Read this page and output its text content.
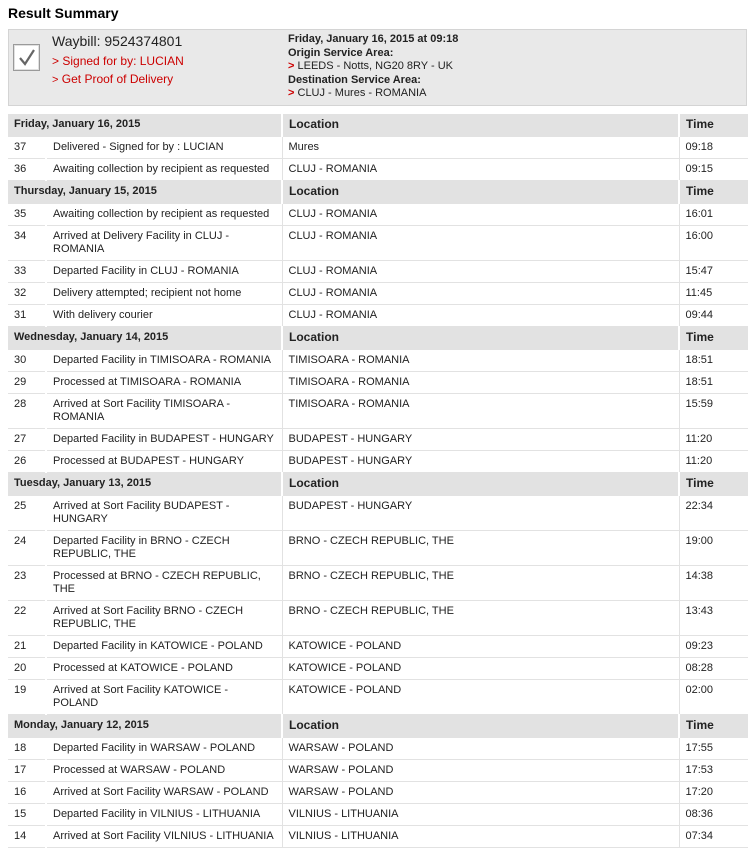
Result Summary
Waybill: 9524374801
> Signed for by: LUCIAN
> Get Proof of Delivery
Friday, January 16, 2015 at 09:18
Origin Service Area:
> LEEDS - Notts, NG20 8RY - UK
Destination Service Area:
> CLUJ - Mures - ROMANIA
Friday, January 16, 2015		Location	Time
37	Delivered - Signed for by : LUCIAN	Mures	09:18
36	Awaiting collection by recipient as requested	CLUJ - ROMANIA	09:15
Thursday, January 15, 2015		Location	Time
35	Awaiting collection by recipient as requested	CLUJ - ROMANIA	16:01
34	Arrived at Delivery Facility in CLUJ - ROMANIA	CLUJ - ROMANIA	16:00
33	Departed Facility in CLUJ - ROMANIA	CLUJ - ROMANIA	15:47
32	Delivery attempted; recipient not home	CLUJ - ROMANIA	11:45
31	With delivery courier	CLUJ - ROMANIA	09:44
Wednesday, January 14, 2015		Location	Time
30	Departed Facility in TIMISOARA - ROMANIA	TIMISOARA - ROMANIA	18:51
29	Processed at TIMISOARA - ROMANIA	TIMISOARA - ROMANIA	18:51
28	Arrived at Sort Facility TIMISOARA - ROMANIA	TIMISOARA - ROMANIA	15:59
27	Departed Facility in BUDAPEST - HUNGARY	BUDAPEST - HUNGARY	11:20
26	Processed at BUDAPEST - HUNGARY	BUDAPEST - HUNGARY	11:20
Tuesday, January 13, 2015		Location	Time
25	Arrived at Sort Facility BUDAPEST - HUNGARY	BUDAPEST - HUNGARY	22:34
24	Departed Facility in BRNO - CZECH REPUBLIC, THE	BRNO - CZECH REPUBLIC, THE	19:00
23	Processed at BRNO - CZECH REPUBLIC, THE	BRNO - CZECH REPUBLIC, THE	14:38
22	Arrived at Sort Facility BRNO - CZECH REPUBLIC, THE	BRNO - CZECH REPUBLIC, THE	13:43
21	Departed Facility in KATOWICE - POLAND	KATOWICE - POLAND	09:23
20	Processed at KATOWICE - POLAND	KATOWICE - POLAND	08:28
19	Arrived at Sort Facility KATOWICE - POLAND	KATOWICE - POLAND	02:00
Monday, January 12, 2015		Location	Time
18	Departed Facility in WARSAW - POLAND	WARSAW - POLAND	17:55
17	Processed at WARSAW - POLAND	WARSAW - POLAND	17:53
16	Arrived at Sort Facility WARSAW - POLAND	WARSAW - POLAND	17:20
15	Departed Facility in VILNIUS - LITHUANIA	VILNIUS - LITHUANIA	08:36
14	Arrived at Sort Facility VILNIUS - LITHUANIA	VILNIUS - LITHUANIA	07:34
